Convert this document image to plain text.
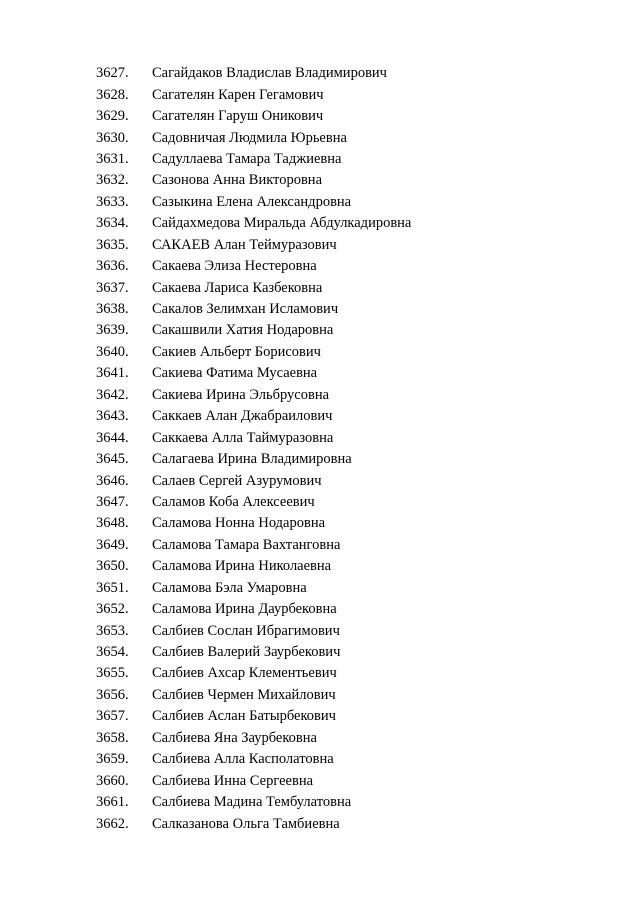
3627.	Сагайдаков Владислав Владимирович
3628.	Сагателян Карен Гегамович
3629.	Сагателян Гаруш Оникович
3630.	Садовничая Людмила Юрьевна
3631.	Садуллаева Тамара Таджиевна
3632.	Сазонова Анна Викторовна
3633.	Сазыкина Елена Александровна
3634.	Сайдахмедова Миральда Абдулкадировна
3635.	САКАЕВ Алан Теймуразович
3636.	Сакаева Элиза Нестеровна
3637.	Сакаева Лариса Казбековна
3638.	Сакалов Зелимхан Исламович
3639.	Сакашвили Хатия Нодаровна
3640.	Сакиев Альберт Борисович
3641.	Сакиева Фатима Мусаевна
3642.	Сакиева Ирина Эльбрусовна
3643.	Саккаев Алан Джабраилович
3644.	Саккаева Алла Таймуразовна
3645.	Салагаева Ирина Владимировна
3646.	Салаев Сергей Азурумович
3647.	Саламов Коба Алексеевич
3648.	Саламова Нонна Нодаровна
3649.	Саламова Тамара Вахтанговна
3650.	Саламова Ирина Николаевна
3651.	Саламова Бэла Умаровна
3652.	Саламова Ирина Даурбековна
3653.	Салбиев Сослан Ибрагимович
3654.	Салбиев Валерий Заурбекович
3655.	Салбиев Ахсар Клементьевич
3656.	Салбиев Чермен Михайлович
3657.	Салбиев Аслан Батырбекович
3658.	Салбиева Яна Заурбековна
3659.	Салбиева Алла Касполатовна
3660.	Салбиева Инна Сергеевна
3661.	Салбиева Мадина Тембулатовна
3662.	Салказанова Ольга Тамбиевна
